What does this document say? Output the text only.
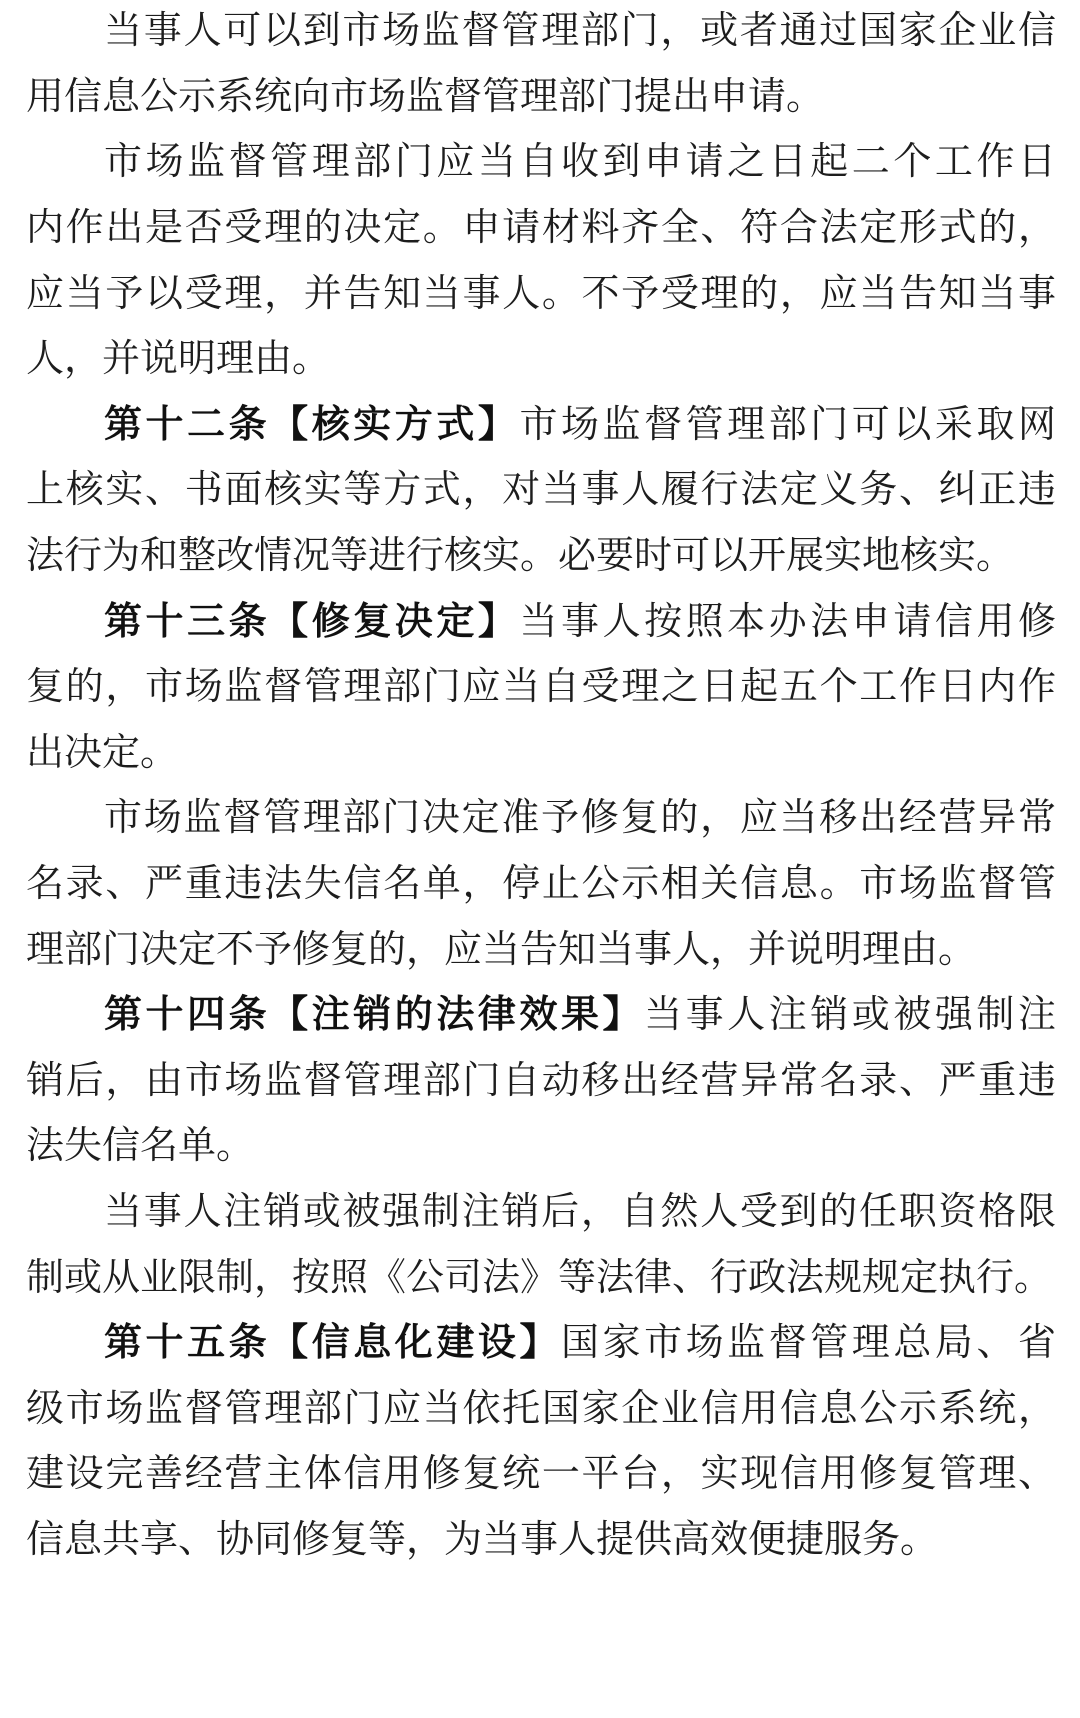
当事人可以到市场监督管理部门，或者通过国家企业信
用信息公示系统向市场监督管理部门提出申请。
市场监督管理部门应当自收到申请之日起二个工作日
内作出是否受理的决定。申请材料齐全、符合法定形式的，
应当予以受理，并告知当事人。不予受理的，应当告知当事
人，并说明理由。
第十二条【核实方式】市场监督管理部门可以采取网
上核实、书面核实等方式，对当事人履行法定义务、纠正违
法行为和整改情况等进行核实。必要时可以开展实地核实。
第十三条【修复决定】当事人按照本办法申请信用修
复的，市场监督管理部门应当自受理之日起五个工作日内作
出决定。
市场监督管理部门决定准予修复的，应当移出经营异常
名录、严重违法失信名单，停止公示相关信息。市场监督管
理部门决定不予修复的，应当告知当事人，并说明理由。
第十四条【注销的法律效果】当事人注销或被强制注
销后，由市场监督管理部门自动移出经营异常名录、严重违
法失信名单。
当事人注销或被强制注销后，自然人受到的任职资格限
制或从业限制，按照《公司法》等法律、行政法规规定执行。
第十五条【信息化建设】国家市场监督管理总局、省
级市场监督管理部门应当依托国家企业信用信息公示系统，
建设完善经营主体信用修复统一平台，实现信用修复管理、
信息共享、协同修复等，为当事人提供高效便捷服务。
